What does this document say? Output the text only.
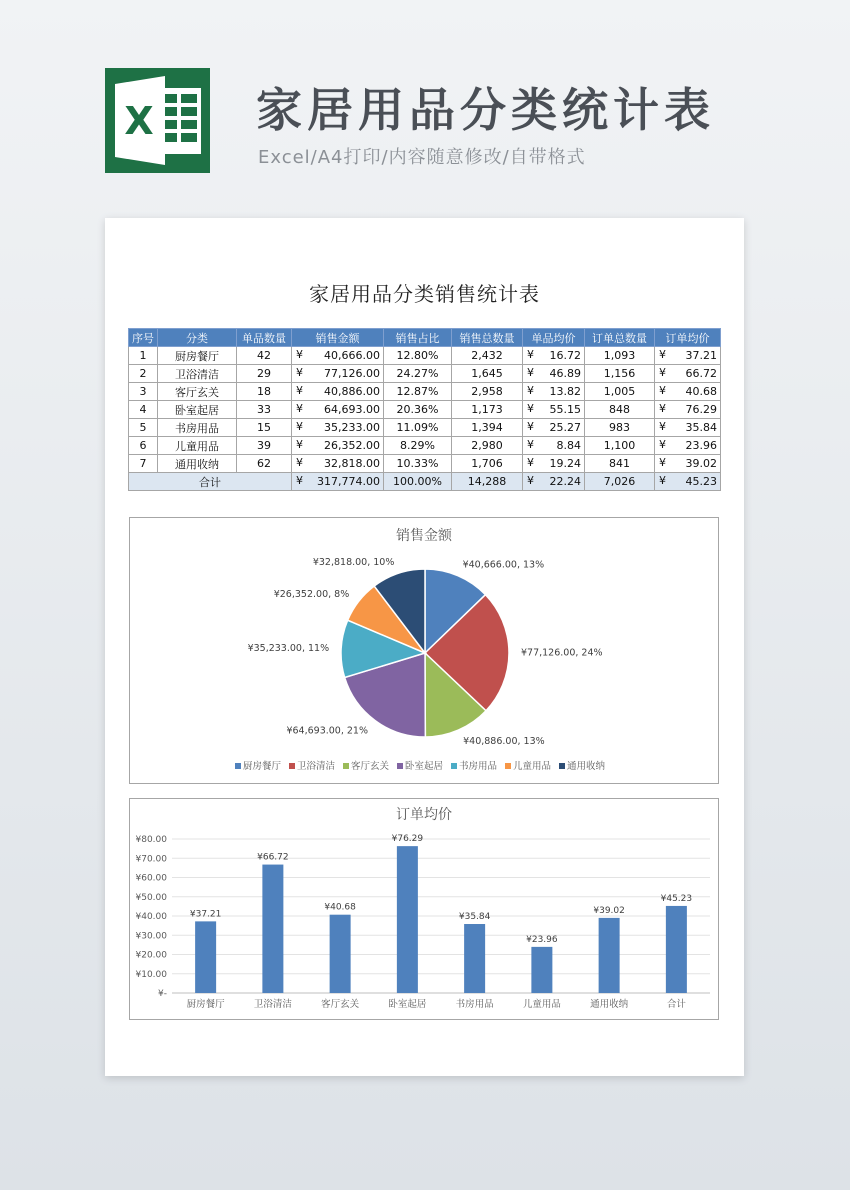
X 家居用品分类统计表
Excel/A4打印/内容随意修改/自带格式
家居用品分类销售统计表
序号	分类	单品数量	销售金额	销售占比	销售总数量	单品均价	订单总数量	订单均价
1	厨房餐厅	42	¥ 40,666.00	12.80%	2,432	¥ 16.72	1,093	¥ 37.21
2	卫浴清洁	29	¥ 77,126.00	24.27%	1,645	¥ 46.89	1,156	¥ 66.72
3	客厅玄关	18	¥ 40,886.00	12.87%	2,958	¥ 13.82	1,005	¥ 40.68
4	卧室起居	33	¥ 64,693.00	20.36%	1,173	¥ 55.15	848	¥ 76.29
5	书房用品	15	¥ 35,233.00	11.09%	1,394	¥ 25.27	983	¥ 35.84
6	儿童用品	39	¥ 26,352.00	8.29%	2,980	¥ 8.84	1,100	¥ 23.96
7	通用收纳	62	¥ 32,818.00	10.33%	1,706	¥ 19.24	841	¥ 39.02
合计			¥ 317,774.00	100.00%	14,288	¥ 22.24	7,026	¥ 45.23
销售金额
¥40,666.00, 13%
¥77,126.00, 24%
¥40,886.00, 13%
¥64,693.00, 21%
¥35,233.00, 11%
¥26,352.00, 8%
¥32,818.00, 10%
厨房餐厅 卫浴清洁 客厅玄关 卧室起居 书房用品 儿童用品 通用收纳
订单均价
¥-
¥10.00
¥20.00
¥30.00
¥40.00
¥50.00
¥60.00
¥70.00
¥80.00
¥37.21
厨房餐厅
¥66.72
卫浴清洁
¥40.68
客厅玄关
¥76.29
卧室起居
¥35.84
书房用品
¥23.96
儿童用品
¥39.02
通用收纳
¥45.23
合计
